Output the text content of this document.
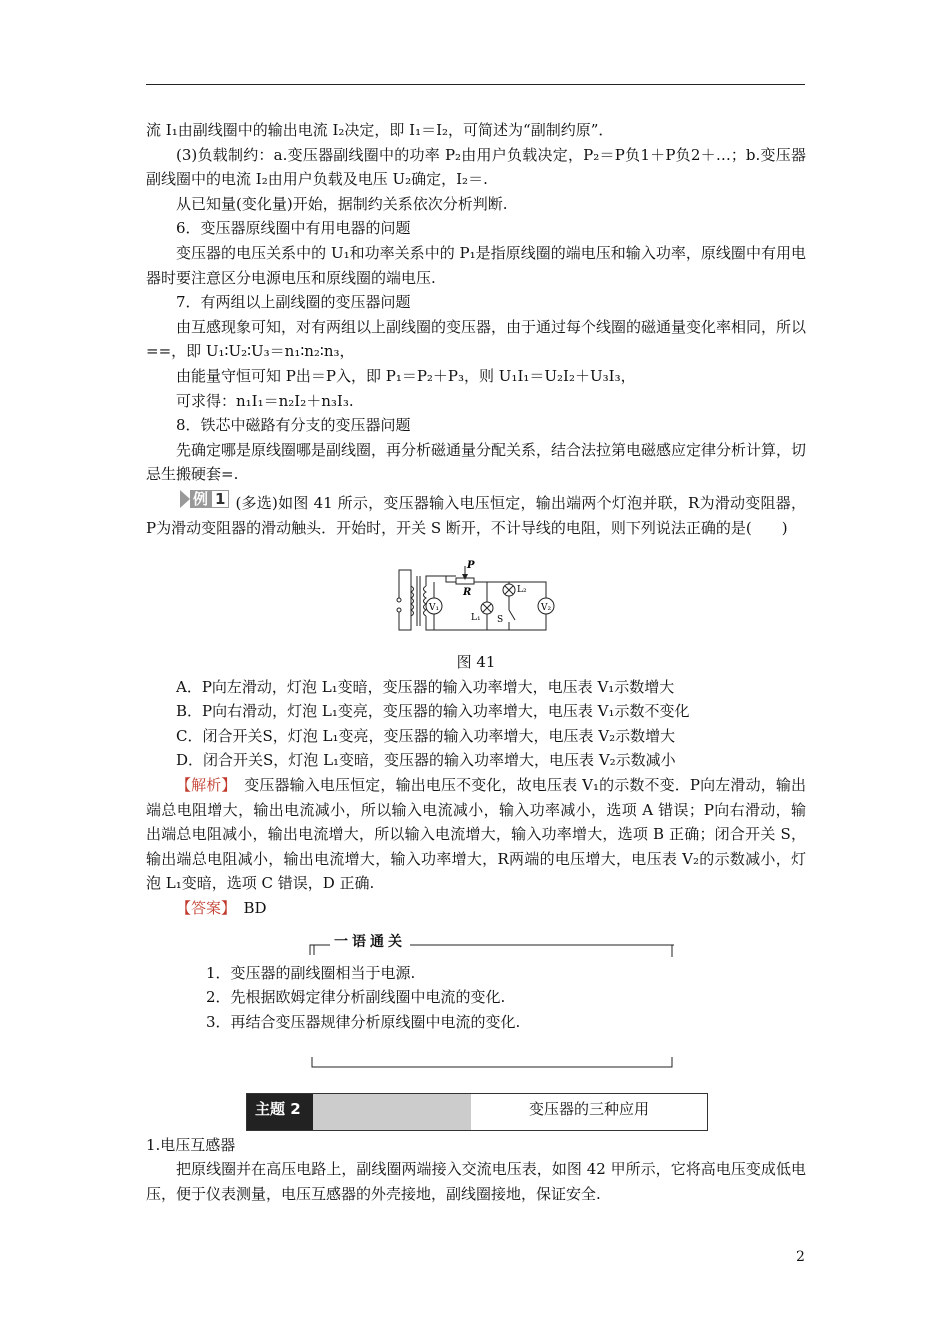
流 I₁由副线圈中的输出电流 I₂决定，即 I₁＝I₂，可简述为“副制约原”．

(3)负载制约：a.变压器副线圈中的功率 P₂由用户负载决定，P₂＝P负1＋P负2＋…；b.变压器副线圈中的电流 I₂由用户负载及电压 U₂确定，I₂＝.

从已知量(变化量)开始，据制约关系依次分析判断.

6．变压器原线圈中有用电器的问题

变压器的电压关系中的 U₁和功率关系中的 P₁是指原线圈的端电压和输入功率，原线圈中有用电器时要注意区分电源电压和原线圈的端电压.

7．有两组以上副线圈的变压器问题

由互感现象可知，对有两组以上副线圈的变压器，由于通过每个线圈的磁通量变化率相同，所以==，即 U₁∶U₂∶U₃＝n₁∶n₂∶n₃，

由能量守恒可知 P出＝P入，即 P₁＝P₂＋P₃，则 U₁I₁＝U₂I₂＋U₃I₃，

可求得：n₁I₁＝n₂I₂＋n₃I₃.

8．铁芯中磁路有分支的变压器问题

先确定哪是原线圈哪是副线圈，再分析磁通量分配关系，结合法拉第电磁感应定律分析计算，切忌生搬硬套=.

例 1 (多选)如图 41 所示，变压器输入电压恒定，输出端两个灯泡并联，R为滑动变阻器，P为滑动变阻器的滑动触头．开始时，开关 S 断开，不计导线的电阻，则下列说法正确的是(　　)

V₁
P
R
L₁
L₂
S
V₂
图 41

A．P向左滑动，灯泡 L₁变暗，变压器的输入功率增大，电压表 V₁示数增大

B．P向右滑动，灯泡 L₁变亮，变压器的输入功率增大，电压表 V₁示数不变化

C．闭合开关S，灯泡 L₁变亮，变压器的输入功率增大，电压表 V₂示数增大

D．闭合开关S，灯泡 L₁变暗，变压器的输入功率增大，电压表 V₂示数减小

【解析】　 变压器输入电压恒定，输出电压不变化，故电压表 V₁的示数不变．P向左滑动，输出端总电阻增大，输出电流减小，所以输入电流减小，输入功率减小，选项 A 错误；P向右滑动，输出端总电阻减小，输出电流增大，所以输入电流增大，输入功率增大，选项 B 正确；闭合开关 S，输出端总电阻减小，输出电流增大，输入功率增大，R两端的电压增大，电压表 V₂的示数减小，灯泡 L₁变暗，选项 C 错误，D 正确.

【答案】　 BD

一语通关

1．变压器的副线圈相当于电源.

2．先根据欧姆定律分析副线圈中电流的变化.

3．再结合变压器规律分析原线圈中电流的变化.

主题 2	变压器的三种应用

1.电压互感器

把原线圈并在高压电路上，副线圈两端接入交流电压表，如图 42 甲所示，它将高电压变成低电压，便于仪表测量，电压互感器的外壳接地，副线圈接地，保证安全.

2
